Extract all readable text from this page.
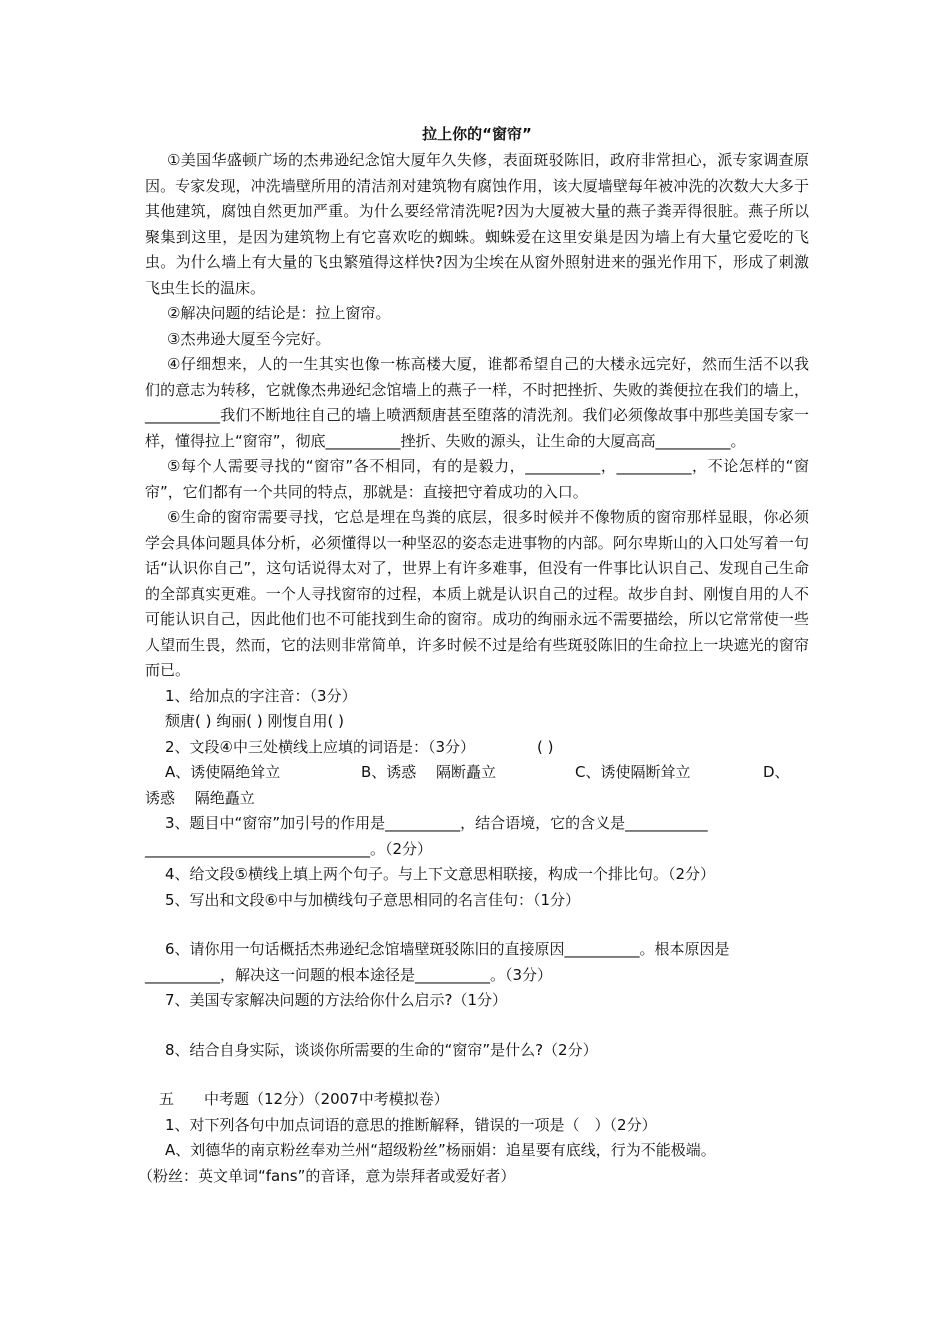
拉上你的“窗帘”

①美国华盛顿广场的杰弗逊纪念馆大厦年久失修，表面斑驳陈旧，政府非常担心，派专家调查原因。专家发现，冲洗墙壁所用的清洁剂对建筑物有腐蚀作用，该大厦墙壁每年被冲洗的次数大大多于其他建筑，腐蚀自然更加严重。为什么要经常清洗呢?因为大厦被大量的燕子粪弄得很脏。燕子所以聚集到这里，是因为建筑物上有它喜欢吃的蜘蛛。蜘蛛爱在这里安巢是因为墙上有大量它爱吃的飞虫。为什么墙上有大量的飞虫繁殖得这样快?因为尘埃在从窗外照射进来的强光作用下，形成了刺激飞虫生长的温床。

②解决问题的结论是：拉上窗帘。

③杰弗逊大厦至今完好。

④仔细想来，人的一生其实也像一栋高楼大厦，谁都希望自己的大楼永远完好，然而生活不以我们的意志为转移，它就像杰弗逊纪念馆墙上的燕子一样，不时把挫折、失败的粪便拉在我们的墙上，__________我们不断地往自己的墙上喷洒颓唐甚至堕落的清洗剂。我们必须像故事中那些美国专家一样，懂得拉上“窗帘”，彻底__________挫折、失败的源头，让生命的大厦高高__________。

⑤每个人需要寻找的“窗帘”各不相同，有的是毅力，__________，__________，不论怎样的“窗帘”，它们都有一个共同的特点，那就是：直接把守着成功的入口。

⑥生命的窗帘需要寻找，它总是埋在鸟粪的底层，很多时候并不像物质的窗帘那样显眼，你必须学会具体问题具体分析，必须懂得以一种坚忍的姿态走进事物的内部。阿尔卑斯山的入口处写着一句话“认识你自己”，这句话说得太对了，世界上有许多难事，但没有一件事比认识自己、发现自己生命的全部真实更难。一个人寻找窗帘的过程，本质上就是认识自己的过程。故步自封、刚愎自用的人不可能认识自己，因此他们也不可能找到生命的窗帘。成功的绚丽永远不需要描绘，所以它常常使一些人望而生畏，然而，它的法则非常简单，许多时候不过是给有些斑驳陈旧的生命拉上一块遮光的窗帘而已。

1、给加点的字注音：（3分）

颓唐( ) 绚丽( ) 刚愎自用( )

2、文段④中三处横线上应填的词语是：（3分）	( )
A、诱使隔绝耸立	B、诱惑　 隔断矗立	C、诱使隔断耸立	D、

诱惑　 隔绝矗立

3、题目中“窗帘”加引号的作用是__________，结合语境，它的含义是___________

______________________________。（2分）

4、给文段⑤横线上填上两个句子。与上下文意思相联接，构成一个排比句。（2分）

5、写出和文段⑥中与加横线句子意思相同的名言佳句：（1分）

6、请你用一句话概括杰弗逊纪念馆墙壁斑驳陈旧的直接原因__________。根本原因是

__________，解决这一问题的根本途径是__________。（3分）

7、美国专家解决问题的方法给你什么启示?（1分）

8、结合自身实际，谈谈你所需要的生命的“窗帘”是什么?（2分）

五　　中考题（12分）（2007中考模拟卷）

1、对下列各句中加点词语的意思的推断解释，错误的一项是（　）（2分）

A、刘德华的南京粉丝奉劝兰州“超级粉丝”杨丽娟：追星要有底线，行为不能极端。

（粉丝：英文单词“fans”的音译，意为崇拜者或爱好者）
